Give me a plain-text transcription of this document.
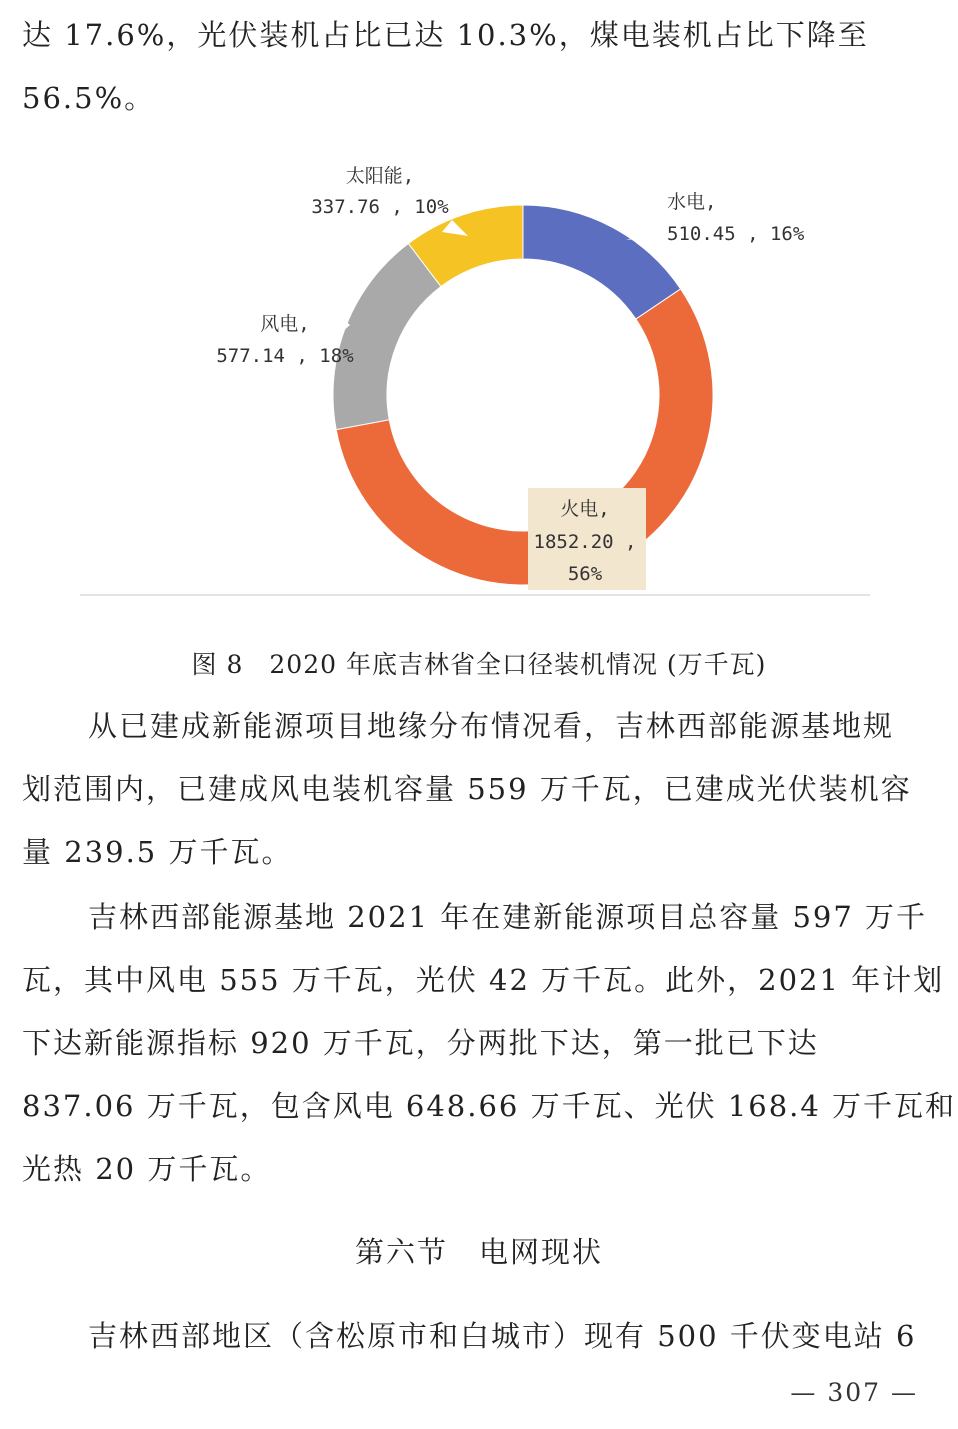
达 17.6%，光伏装机占比已达 10.3%，煤电装机占比下降至
56.5%。
水电,
510.45 , 16%
火电,
1852.20 ,
56%
风电,
577.14 , 18%
太阳能,
337.76 , 10%
图 8　2020 年底吉林省全口径装机情况 (万千瓦)
从已建成新能源项目地缘分布情况看，吉林西部能源基地规
划范围内，已建成风电装机容量 559 万千瓦，已建成光伏装机容
量 239.5 万千瓦。
吉林西部能源基地 2021 年在建新能源项目总容量 597 万千
瓦，其中风电 555 万千瓦，光伏 42 万千瓦。此外，2021 年计划
下达新能源指标 920 万千瓦，分两批下达，第一批已下达
837.06 万千瓦，包含风电 648.66 万千瓦、光伏 168.4 万千瓦和
光热 20 万千瓦。
第六节　电网现状
吉林西部地区（含松原市和白城市）现有 500 千伏变电站 6
— 307 —
